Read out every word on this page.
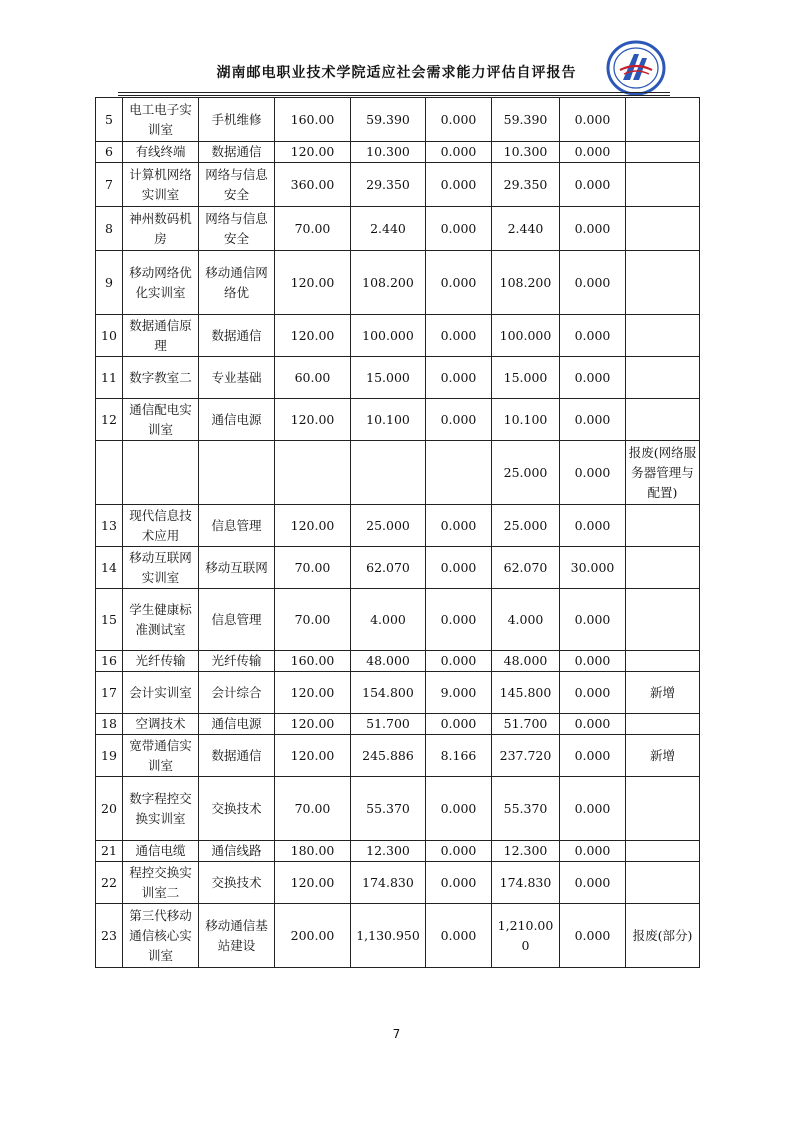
湖南邮电职业技术学院适应社会需求能力评估自评报告
5	电工电子实训室	手机维修	160.00	59.390	0.000	59.390	0.000	
6	有线终端	数据通信	120.00	10.300	0.000	10.300	0.000	
7	计算机网络实训室	网络与信息安全	360.00	29.350	0.000	29.350	0.000	
8	神州数码机房	网络与信息安全	70.00	2.440	0.000	2.440	0.000	
9	移动网络优化实训室	移动通信网络优	120.00	108.200	0.000	108.200	0.000	
10	数据通信原理	数据通信	120.00	100.000	0.000	100.000	0.000	
11	数字教室二	专业基础	60.00	15.000	0.000	15.000	0.000	
12	通信配电实训室	通信电源	120.00	10.100	0.000	10.100	0.000	
						25.000	0.000	报废(网络服务器管理与配置)
13	现代信息技术应用	信息管理	120.00	25.000	0.000	25.000	0.000	
14	移动互联网实训室	移动互联网	70.00	62.070	0.000	62.070	30.000	
15	学生健康标准测试室	信息管理	70.00	4.000	0.000	4.000	0.000	
16	光纤传输	光纤传输	160.00	48.000	0.000	48.000	0.000	
17	会计实训室	会计综合	120.00	154.800	9.000	145.800	0.000	新增
18	空调技术	通信电源	120.00	51.700	0.000	51.700	0.000	
19	宽带通信实训室	数据通信	120.00	245.886	8.166	237.720	0.000	新增
20	数字程控交换实训室	交换技术	70.00	55.370	0.000	55.370	0.000	
21	通信电缆	通信线路	180.00	12.300	0.000	12.300	0.000	
22	程控交换实训室二	交换技术	120.00	174.830	0.000	174.830	0.000	
23	第三代移动通信核心实训室	移动通信基站建设	200.00	1,130.950	0.000	1,210.000	0.000	报废(部分)
7
